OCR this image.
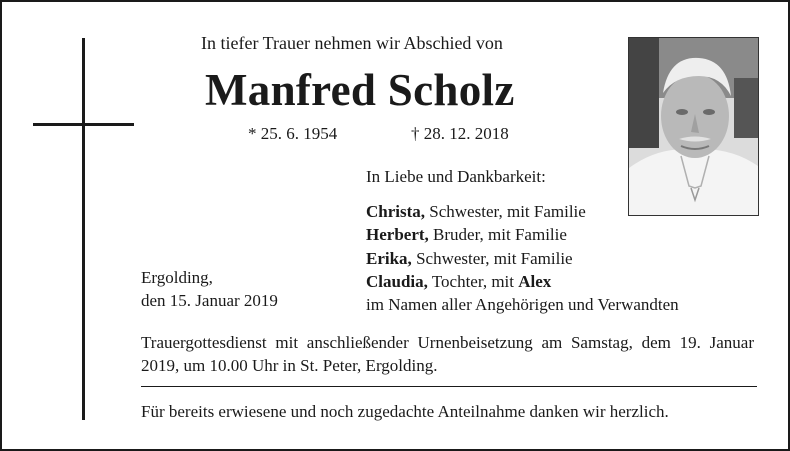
In tiefer Trauer nehmen wir Abschied von
Manfred Scholz
* 25. 6. 1954	† 28. 12. 2018
In Liebe und Dankbarkeit:
Christa, Schwester, mit Familie
Herbert, Bruder, mit Familie
Erika, Schwester, mit Familie
Claudia, Tochter, mit Alex
im Namen aller Angehörigen und Verwandten
Ergolding,
den 15. Januar 2019
Trauergottesdienst mit anschließender Urnenbeisetzung am Samstag, dem 19. Januar 2019, um 10.00 Uhr in St. Peter, Ergolding.
Für bereits erwiesene und noch zugedachte Anteilnahme danken wir herzlich.
